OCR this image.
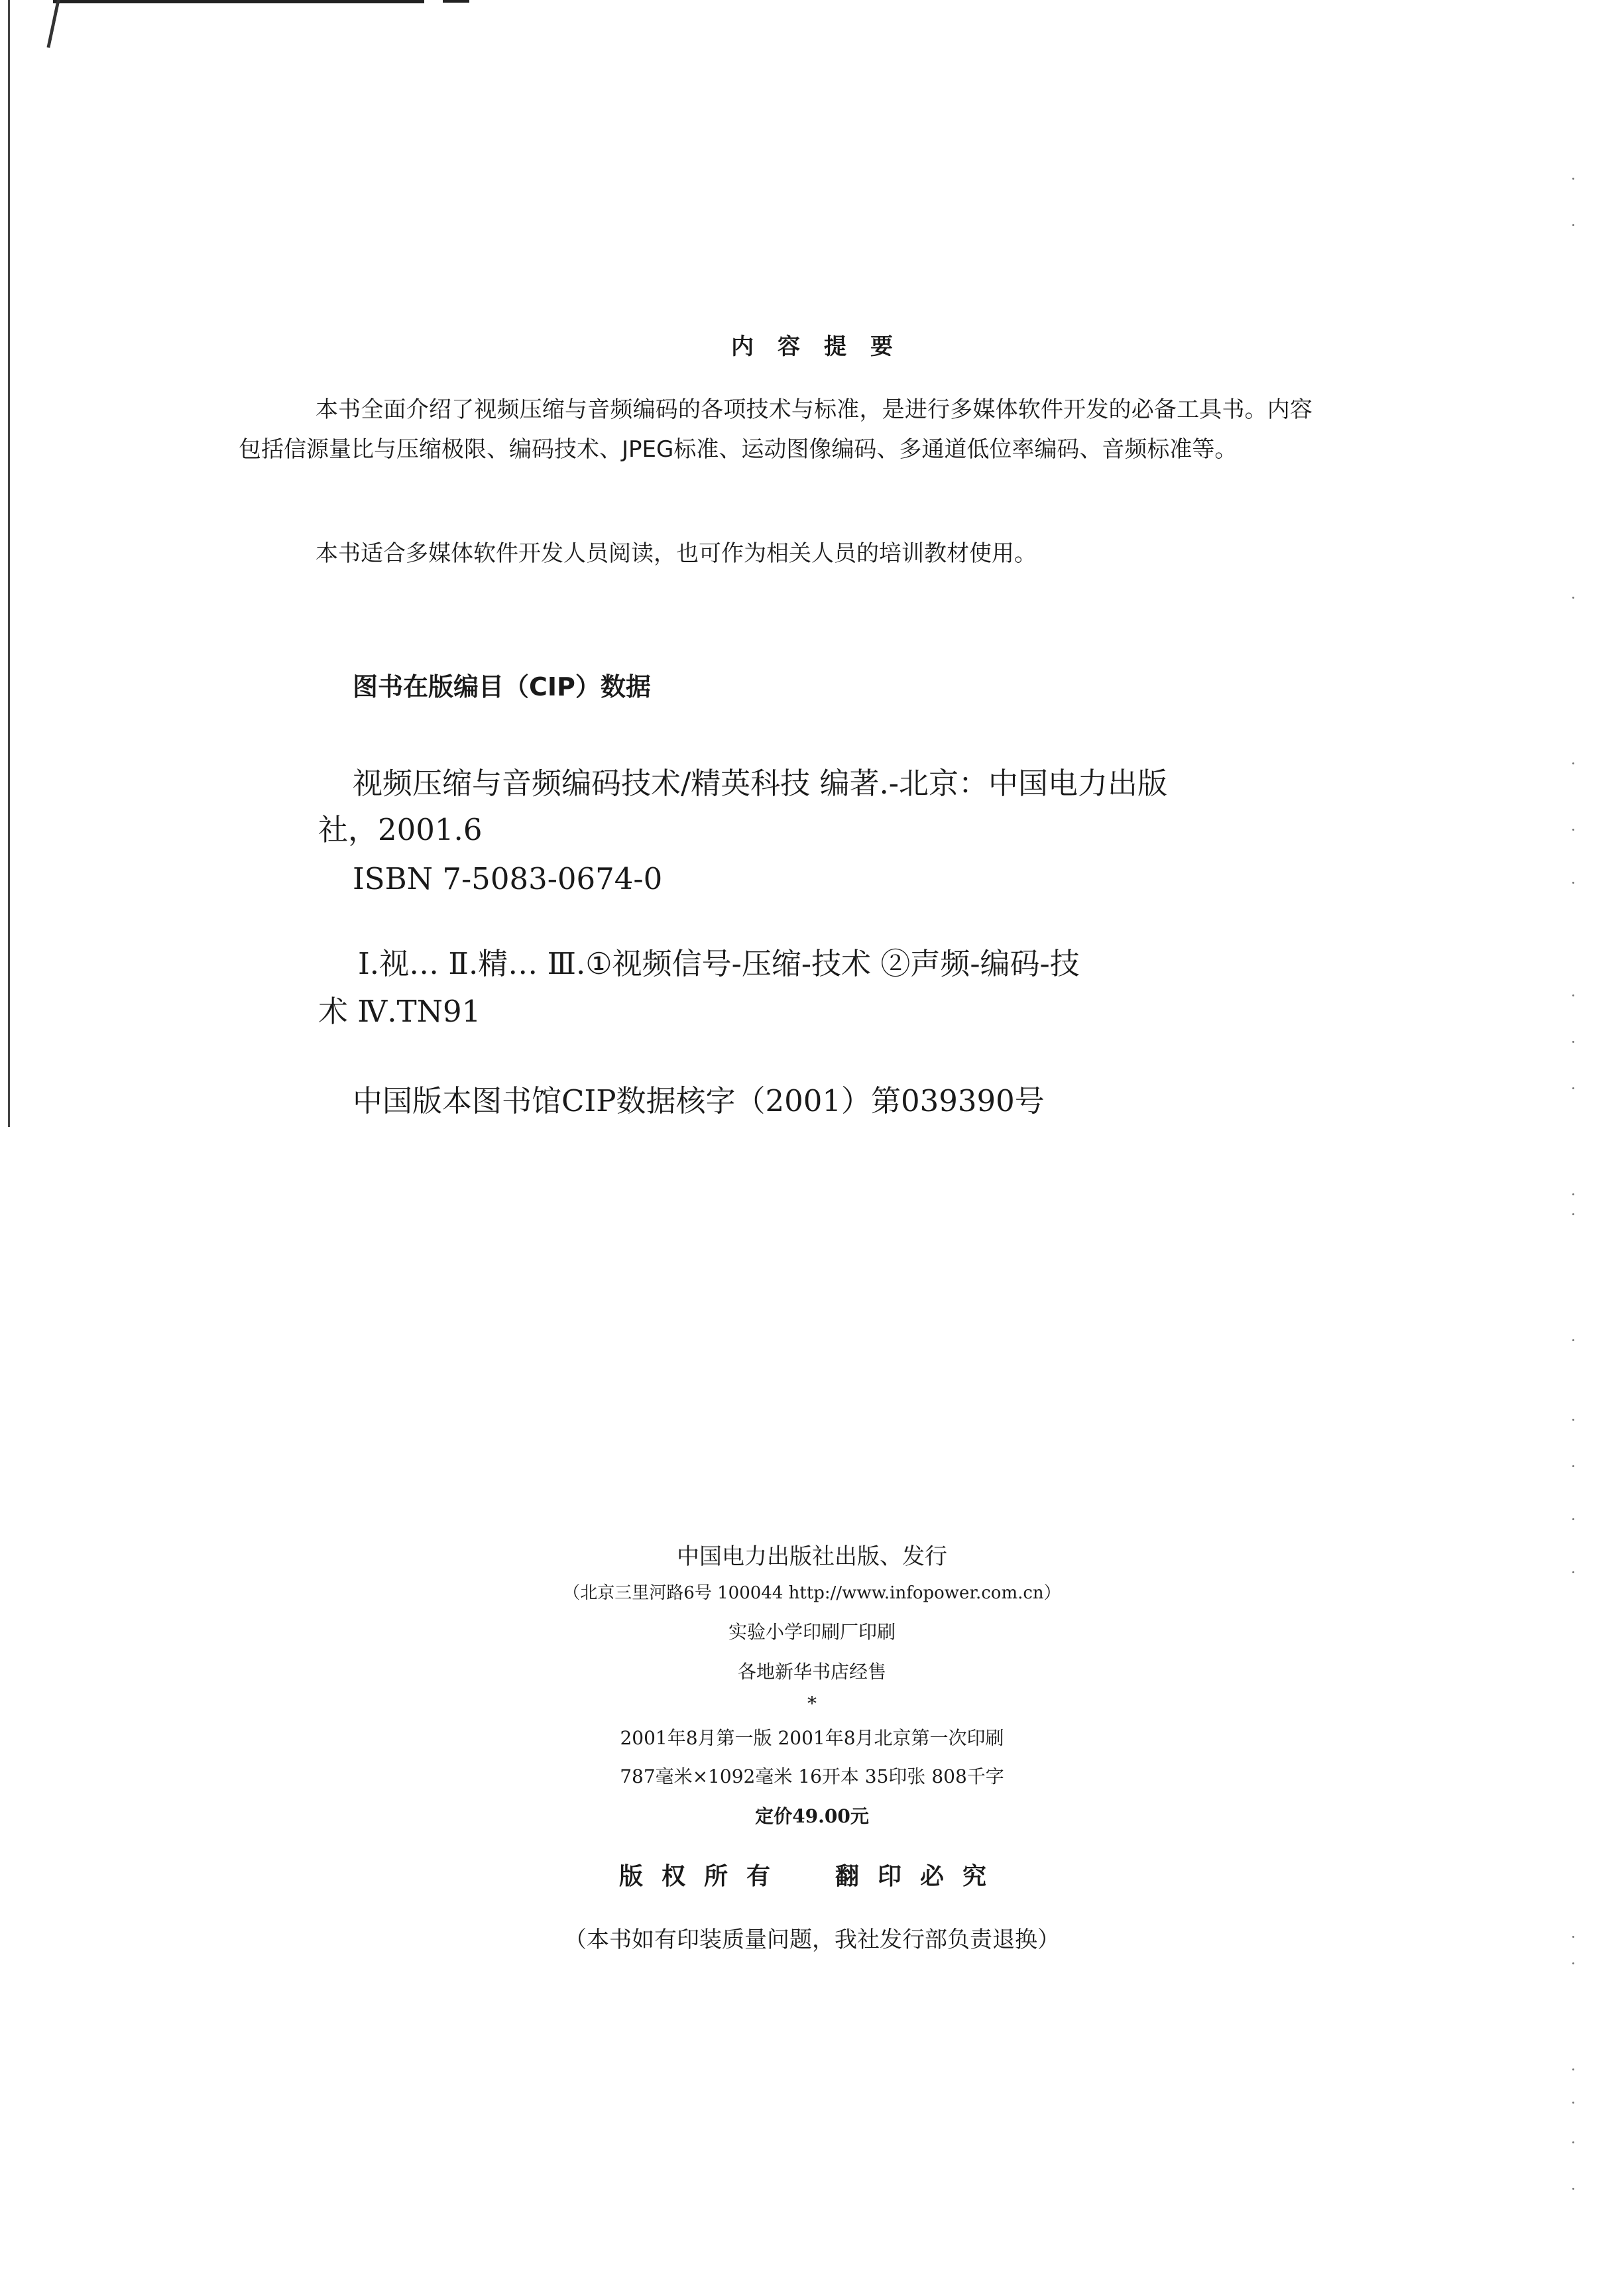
内容提要
本书全面介绍了视频压缩与音频编码的各项技术与标准，是进行多媒体软件开发的必备工具书。内容包括信源量比与压缩极限、编码技术、JPEG标准、运动图像编码、多通道低位率编码、音频标准等。
本书适合多媒体软件开发人员阅读，也可作为相关人员的培训教材使用。
图书在版编目（CIP）数据
视频压缩与音频编码技术/精英科技 编著.-北京：中国电力出版
社，2001.6
ISBN 7-5083-0674-0
Ⅰ.视… Ⅱ.精… Ⅲ.①视频信号-压缩-技术 ②声频-编码-技
术 Ⅳ.TN91
中国版本图书馆CIP数据核字（2001）第039390号
中国电力出版社出版、发行
（北京三里河路6号 100044 http://www.infopower.com.cn）
实验小学印刷厂印刷
各地新华书店经售
*
2001年8月第一版 2001年8月北京第一次印刷
787毫米×1092毫米 16开本 35印张 808千字
定价49.00元
版权所有 翻印必究
（本书如有印装质量问题，我社发行部负责退换）
